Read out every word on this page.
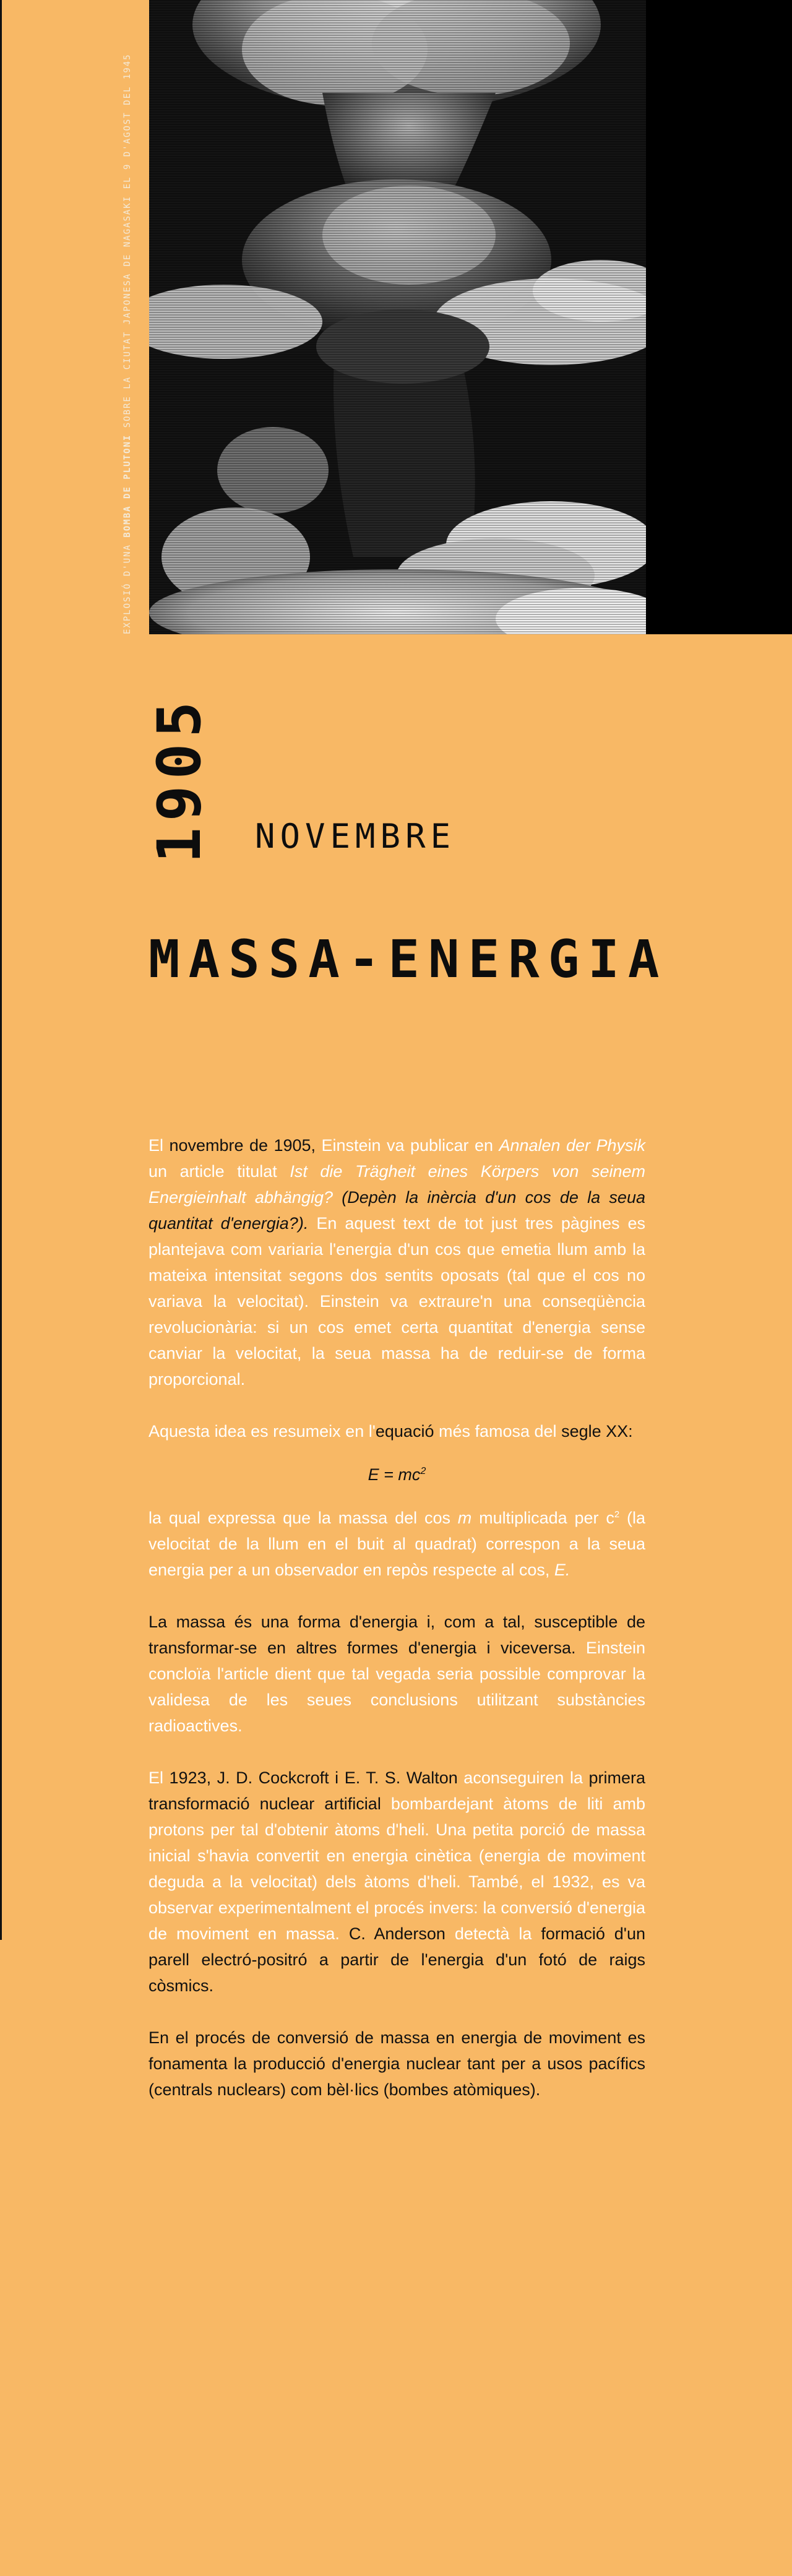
EXPLOSIÓ D'UNA BOMBA DE PLUTONI SOBRE LA CIUTAT JAPONESA DE NAGASAKI EL 9 D'AGOST DEL 1945
1905 NOVEMBRE
MASSA-ENERGIA

El novembre de 1905, Einstein va publicar en Annalen der Physik un article titulat Ist die Trägheit eines Körpers von seinem Energieinhalt abhängig? (Depèn la inèrcia d'un cos de la seua quantitat d'energia?). En aquest text de tot just tres pàgines es plantejava com variaria l'energia d'un cos que emetia llum amb la mateixa intensitat segons dos sentits oposats (tal que el cos no variava la velocitat). Einstein va extraure'n una conseqüència revolucionària: si un cos emet certa quantitat d'energia sense canviar la velocitat, la seua massa ha de reduir-se de forma proporcional.

Aquesta idea es resumeix en l'equació més famosa del segle XX:

$E = mc^2$

la qual expressa que la massa del cos m multiplicada per $c^2$ (la velocitat de la llum en el buit al quadrat) correspon a la seua energia per a un observador en repòs respecte al cos, E.

La massa és una forma d'energia i, com a tal, susceptible de transformar-se en altres formes d'energia i viceversa. Einstein concloïa l'article dient que tal vegada seria possible comprovar la validesa de les seues conclusions utilitzant substàncies radioactives.

El 1923, J. D. Cockcroft i E. T. S. Walton aconseguiren la primera transformació nuclear artificial bombardejant àtoms de liti amb protons per tal d'obtenir àtoms d'heli. Una petita porció de massa inicial s'havia convertit en energia cinètica (energia de moviment deguda a la velocitat) dels àtoms d'heli. També, el 1932, es va observar experimentalment el procés invers: la conversió d'energia de moviment en massa. C. Anderson detectà la formació d'un parell electró-positró a partir de l'energia d'un fotó de raigs còsmics.

En el procés de conversió de massa en energia de moviment es fonamenta la producció d'energia nuclear tant per a usos pacífics (centrals nuclears) com bèl·lics (bombes atòmiques).
